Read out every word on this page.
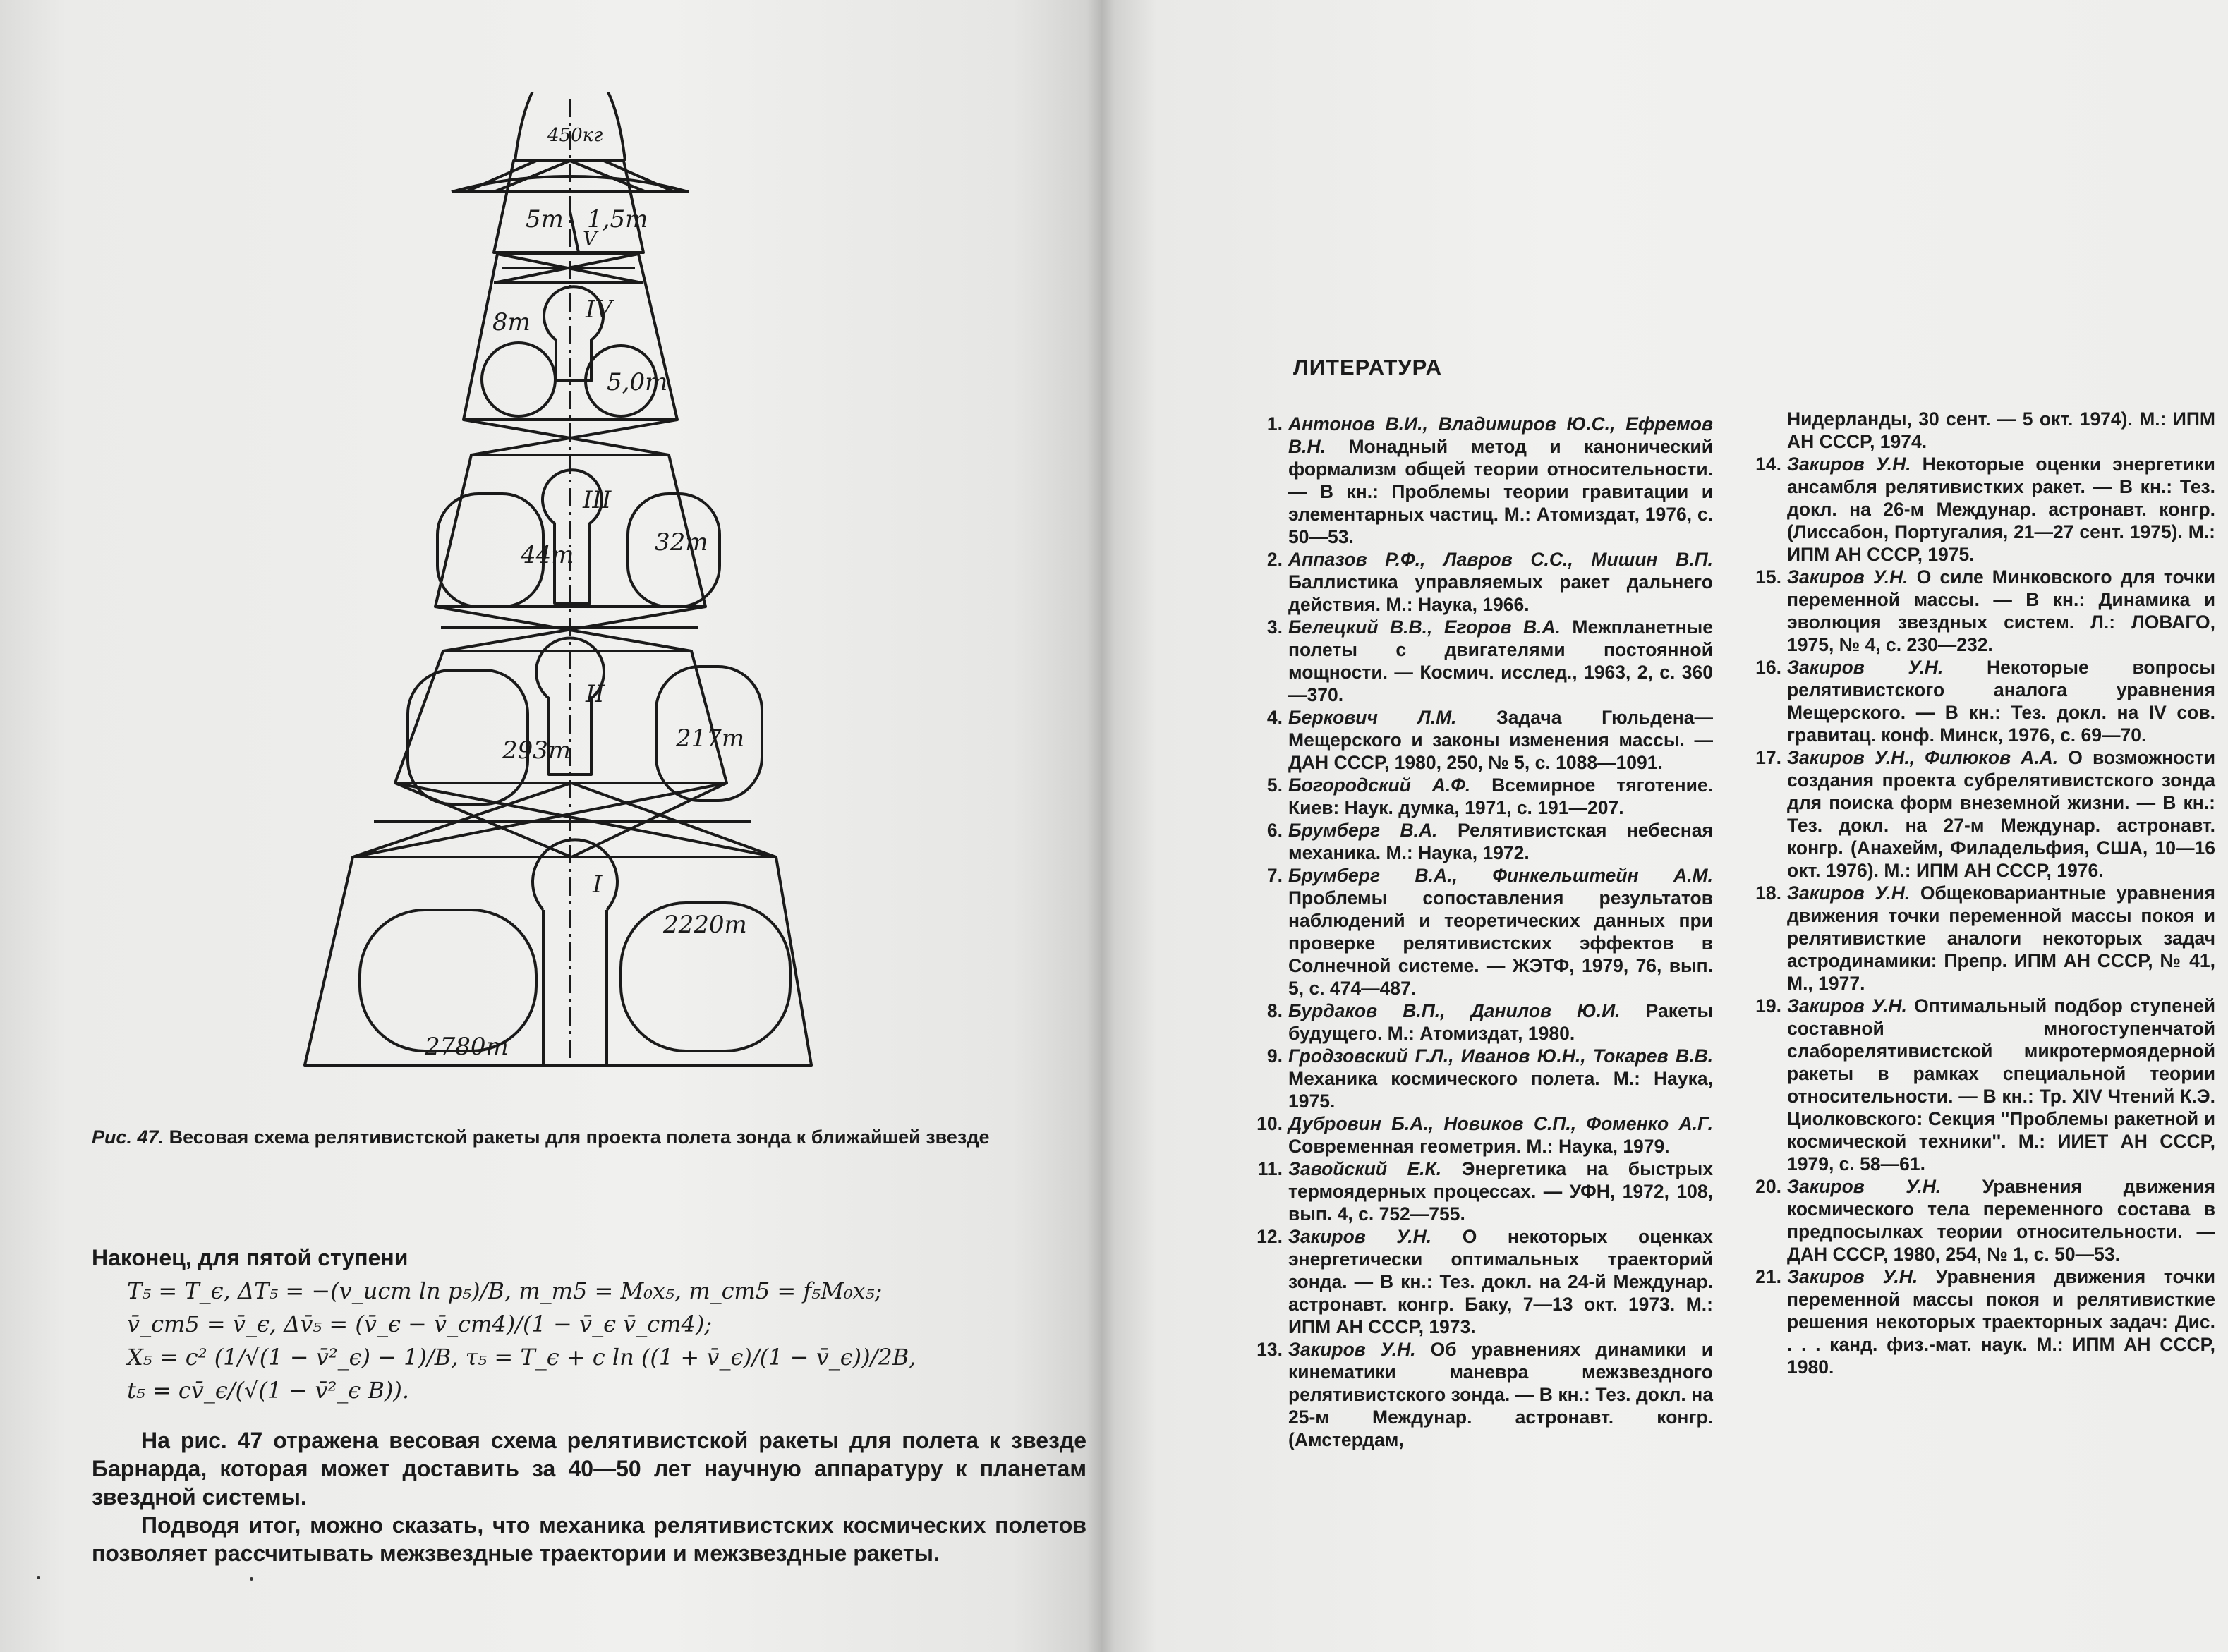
450кг
5т 1,5т
V
8т
5,0т
IV
44т	32т
III
293т	217т
II
2220т
2780т
I
Рис. 47. Весовая схема релятивистской ракеты для проекта полета зонда к ближайшей звезде
Наконец, для пятой ступени
T₅ = T_ϵ, ΔT₅ = −(v_ист ln p₅)/B, m_т5 = M₀x₅, m_ст5 = f₅M₀x₅;
v̄_ст5 = v̄_ϵ, Δv̄₅ = (v̄_ϵ − v̄_ст4)/(1 − v̄_ϵ v̄_ст4);
X₅ = c² (1/√(1 − v̄²_ϵ) − 1)/B, τ₅ = T_ϵ + c ln ((1 + v̄_ϵ)/(1 − v̄_ϵ))/2B,
t₅ = cv̄_ϵ/(√(1 − v̄²_ϵ B)).

На рис. 47 отражена весовая схема релятивистской ракеты для полета к звезде Барнарда, которая может доставить за 40—50 лет научную аппаратуру к планетам звездной системы.

Подводя итог, можно сказать, что механика релятивистских космических полетов позволяет рассчитывать межзвездные траектории и межзвездные ракеты.

ЛИТЕРАТУРА
1. Антонов В.И., Владимиров Ю.С., Ефремов В.Н. Монадный метод и канонический формализм общей теории относительности. — В кн.: Проблемы теории гравитации и элементарных частиц. М.: Атомиздат, 1976, с. 50—53.
2. Аппазов Р.Ф., Лавров С.С., Мишин В.П. Баллистика управляемых ракет дальнего действия. М.: Наука, 1966.
3. Белецкий В.В., Егоров В.А. Межпланетные полеты с двигателями постоянной мощности. — Космич. исслед., 1963, 2, с. 360—370.
4. Беркович Л.М. Задача Гюльдена—Мещерского и законы изменения массы. — ДАН СССР, 1980, 250, № 5, с. 1088—1091.
5. Богородский А.Ф. Всемирное тяготение. Киев: Наук. думка, 1971, с. 191—207.
6. Брумберг В.А. Релятивистская небесная механика. М.: Наука, 1972.
7. Брумберг В.А., Финкельштейн А.М. Проблемы сопоставления результатов наблюдений и теоретических данных при проверке релятивистских эффектов в Солнечной системе. — ЖЭТФ, 1979, 76, вып. 5, с. 474—487.
8. Бурдаков В.П., Данилов Ю.И. Ракеты будущего. М.: Атомиздат, 1980.
9. Гродзовский Г.Л., Иванов Ю.Н., Токарев В.В. Механика космического полета. М.: Наука, 1975.
10. Дубровин Б.А., Новиков С.П., Фоменко А.Г. Современная геометрия. М.: Наука, 1979.
11. Завойский Е.К. Энергетика на быстрых термоядерных процессах. — УФН, 1972, 108, вып. 4, с. 752—755.
12. Закиров У.Н. О некоторых оценках энергетически оптимальных траекторий зонда. — В кн.: Тез. докл. на 24-й Междунар. астронавт. конгр. Баку, 7—13 окт. 1973. М.: ИПМ АН СССР, 1973.
13. Закиров У.Н. Об уравнениях динамики и кинематики маневра межзвездного релятивистского зонда. — В кн.: Тез. докл. на 25-м Междунар. астронавт. конгр. (Амстердам,
Нидерланды, 30 сент. — 5 окт. 1974). М.: ИПМ АН СССР, 1974.
14. Закиров У.Н. Некоторые оценки энергетики ансамбля релятивистких ракет. — В кн.: Тез. докл. на 26-м Междунар. астронавт. конгр. (Лиссабон, Португалия, 21—27 сент. 1975). М.: ИПМ АН СССР, 1975.
15. Закиров У.Н. О силе Минковского для точки переменной массы. — В кн.: Динамика и эволюция звездных систем. Л.: ЛОВАГО, 1975, № 4, с. 230—232.
16. Закиров У.Н. Некоторые вопросы релятивистского аналога уравнения Мещерского. — В кн.: Тез. докл. на IV сов. гравитац. конф. Минск, 1976, с. 69—70.
17. Закиров У.Н., Филюков А.А. О возможности создания проекта субрелятивистского зонда для поиска форм внеземной жизни. — В кн.: Тез. докл. на 27-м Междунар. астронавт. конгр. (Анахейм, Филадельфия, США, 10—16 окт. 1976). М.: ИПМ АН СССР, 1976.
18. Закиров У.Н. Общековариантные уравнения движения точки переменной массы покоя и релятивисткие аналоги некоторых задач астродинамики: Препр. ИПМ АН СССР, № 41, М., 1977.
19. Закиров У.Н. Оптимальный подбор ступеней составной многоступенчатой слаборелятивистской микротермоядерной ракеты в рамках специальной теории относительности. — В кн.: Тр. XIV Чтений К.Э. Циолковского: Секция ''Проблемы ракетной и космической техники''. М.: ИИЕТ АН СССР, 1979, с. 58—61.
20. Закиров У.Н. Уравнения движения космического тела переменного состава в предпосылках теории относительности. — ДАН СССР, 1980, 254, № 1, с. 50—53.
21. Закиров У.Н. Уравнения движения точки переменной массы покоя и релятивисткие решения некоторых траекторных задач: Дис. . . . канд. физ.-мат. наук. М.: ИПМ АН СССР, 1980.
